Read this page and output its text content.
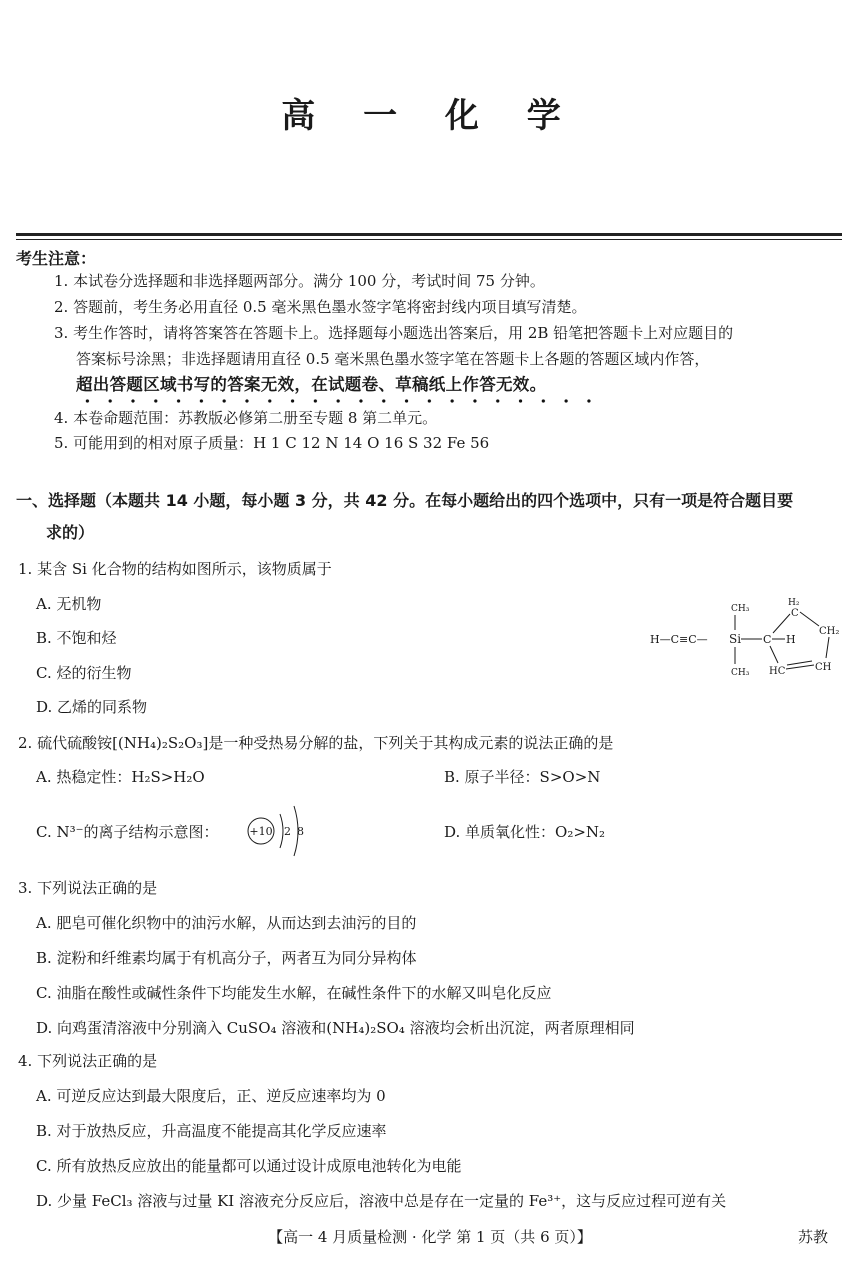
高 一 化 学
考生注意：
1. 本试卷分选择题和非选择题两部分。满分 100 分，考试时间 75 分钟。
2. 答题前，考生务必用直径 0.5 毫米黑色墨水签字笔将密封线内项目填写清楚。
3. 考生作答时，请将答案答在答题卡上。选择题每小题选出答案后，用 2B 铅笔把答题卡上对应题目的
答案标号涂黑；非选择题请用直径 0.5 毫米黑色墨水签字笔在答题卡上各题的答题区域内作答，
超出答题区域书写的答案无效，在试题卷、草稿纸上作答无效。
4. 本卷命题范围：苏教版必修第二册至专题 8 第二单元。
5. 可能用到的相对原子质量：H 1 C 12 N 14 O 16 S 32 Fe 56
一、选择题（本题共 14 小题，每小题 3 分，共 42 分。在每小题给出的四个选项中，只有一项是符合题目要
求的）
1. 某含 Si 化合物的结构如图所示，该物质属于
A. 无机物
B. 不饱和烃
C. 烃的衍生物
D. 乙烯的同系物
H—C≡C— Si
CH₃
CH₃
C H
H₂
C
CH₂
HC	CH
2. 硫代硫酸铵[(NH₄)₂S₂O₃]是一种受热易分解的盐，下列关于其构成元素的说法正确的是
A. 热稳定性：H₂S>H₂O	B. 原子半径：S>O>N
C. N³⁻的离子结构示意图：	+10 2 8	D. 单质氧化性：O₂>N₂
3. 下列说法正确的是
A. 肥皂可催化织物中的油污水解，从而达到去油污的目的
B. 淀粉和纤维素均属于有机高分子，两者互为同分异构体
C. 油脂在酸性或碱性条件下均能发生水解，在碱性条件下的水解又叫皂化反应
D. 向鸡蛋清溶液中分别滴入 CuSO₄ 溶液和(NH₄)₂SO₄ 溶液均会析出沉淀，两者原理相同
4. 下列说法正确的是
A. 可逆反应达到最大限度后，正、逆反应速率均为 0
B. 对于放热反应，升高温度不能提高其化学反应速率
C. 所有放热反应放出的能量都可以通过设计成原电池转化为电能
D. 少量 FeCl₃ 溶液与过量 KI 溶液充分反应后，溶液中总是存在一定量的 Fe³⁺，这与反应过程可逆有关
【高一 4 月质量检测 · 化学 第 1 页（共 6 页）】	苏教
